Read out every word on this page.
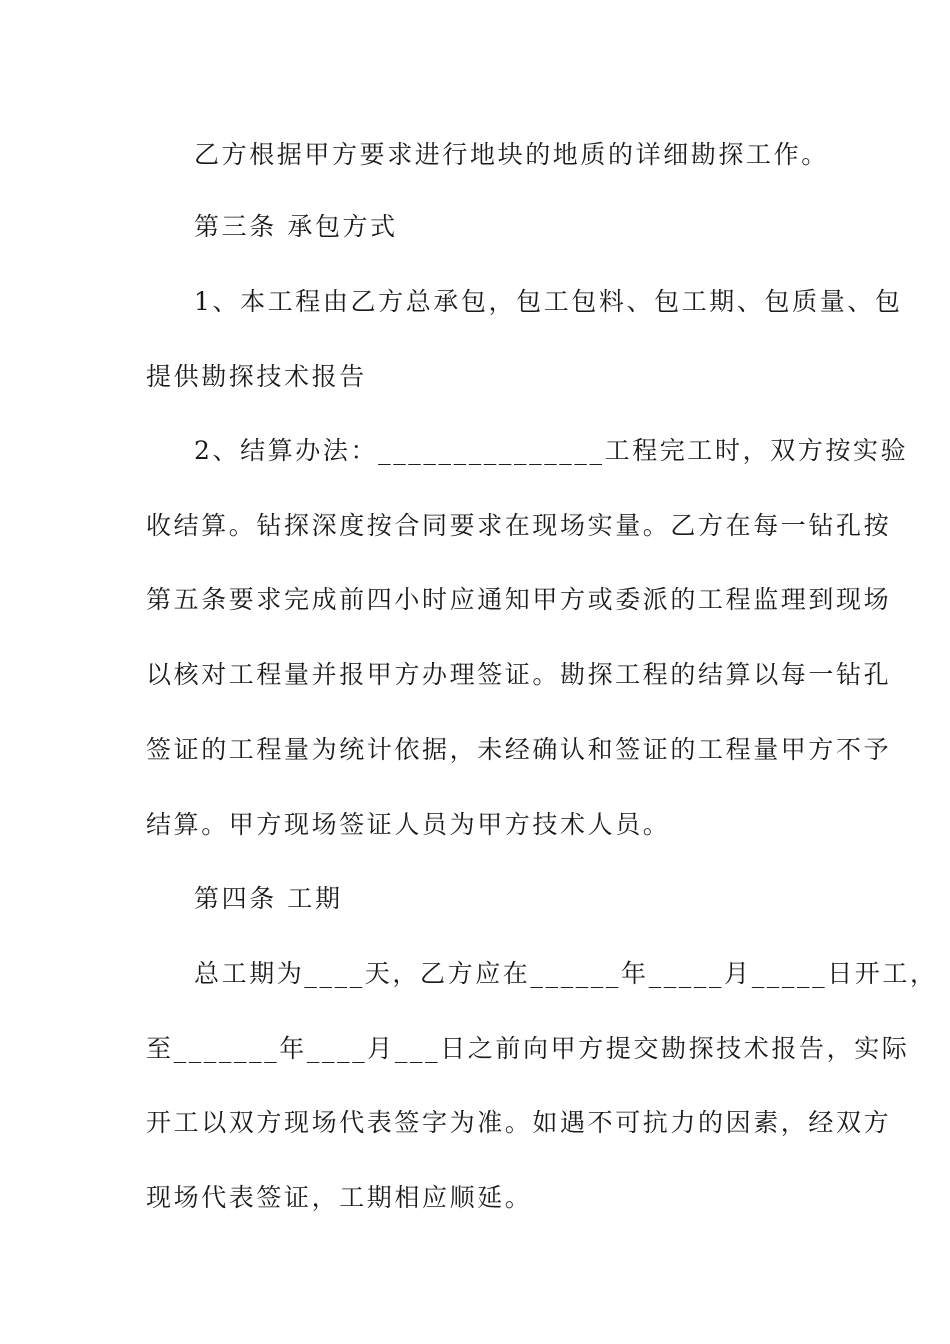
乙方根据甲方要求进行地块的地质的详细勘探工作。
第三条 承包方式
1、本工程由乙方总承包，包工包料、包工期、包质量、包
提供勘探技术报告
2、结算办法：_______________工程完工时，双方按实验
收结算。钻探深度按合同要求在现场实量。乙方在每一钻孔按
第五条要求完成前四小时应通知甲方或委派的工程监理到现场
以核对工程量并报甲方办理签证。勘探工程的结算以每一钻孔
签证的工程量为统计依据，未经确认和签证的工程量甲方不予
结算。甲方现场签证人员为甲方技术人员。
第四条 工期
总工期为____天，乙方应在______年_____月_____日开工，
至_______年____月___日之前向甲方提交勘探技术报告，实际
开工以双方现场代表签字为准。如遇不可抗力的因素，经双方
现场代表签证，工期相应顺延。
